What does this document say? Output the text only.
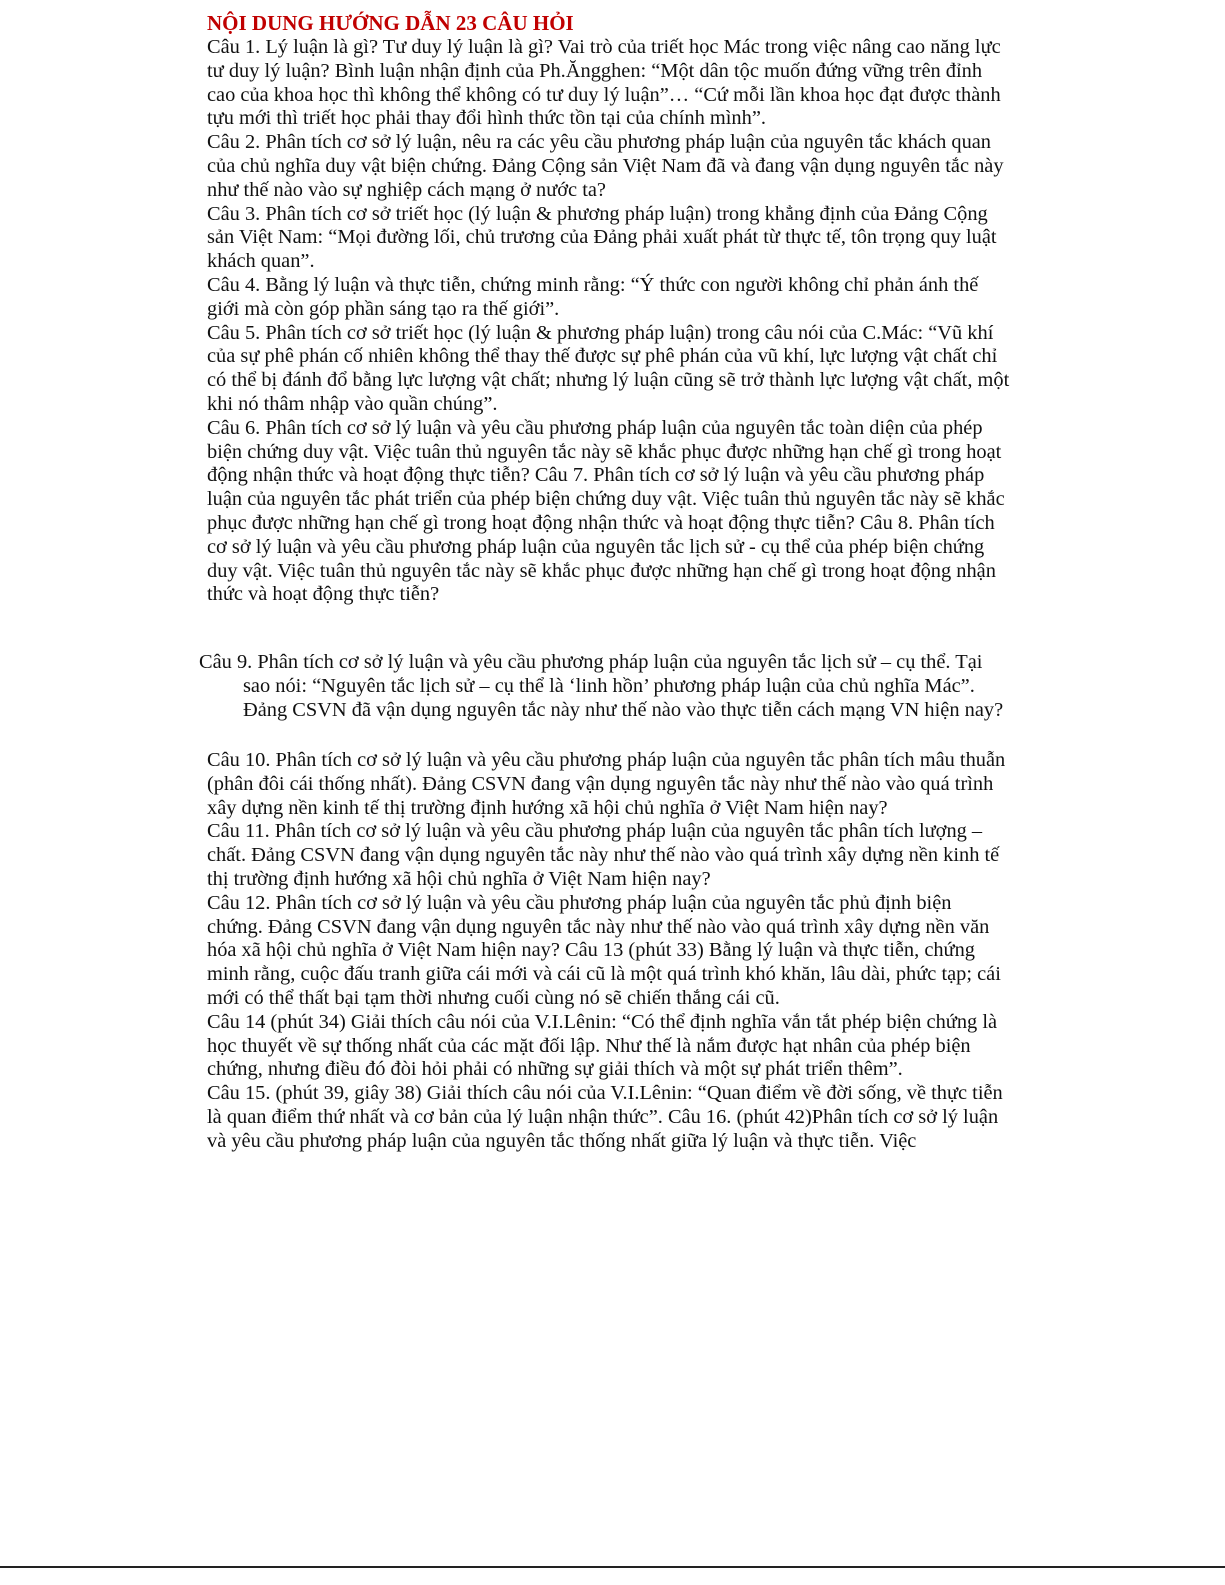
NỘI DUNG HƯỚNG DẪN 23 CÂU HỎI

Câu 1. Lý luận là gì? Tư duy lý luận là gì? Vai trò của triết học Mác trong việc nâng cao năng lực tư duy lý luận? Bình luận nhận định của Ph.Ăngghen: “Một dân tộc muốn đứng vững trên đỉnh cao của khoa học thì không thể không có tư duy lý luận”… “Cứ mỗi lần khoa học đạt được thành tựu mới thì triết học phải thay đổi hình thức tồn tại của chính mình”.

Câu 2. Phân tích cơ sở lý luận, nêu ra các yêu cầu phương pháp luận của nguyên tắc khách quan của chủ nghĩa duy vật biện chứng. Đảng Cộng sản Việt Nam đã và đang vận dụng nguyên tắc này như thế nào vào sự nghiệp cách mạng ở nước ta?

Câu 3. Phân tích cơ sở triết học (lý luận & phương pháp luận) trong khẳng định của Đảng Cộng sản Việt Nam: “Mọi đường lối, chủ trương của Đảng phải xuất phát từ thực tế, tôn trọng quy luật khách quan”.

Câu 4. Bằng lý luận và thực tiễn, chứng minh rằng: “Ý thức con người không chỉ phản ánh thế giới mà còn góp phần sáng tạo ra thế giới”.

Câu 5. Phân tích cơ sở triết học (lý luận & phương pháp luận) trong câu nói của C.Mác: “Vũ khí của sự phê phán cố nhiên không thể thay thế được sự phê phán của vũ khí, lực lượng vật chất chỉ có thể bị đánh đổ bằng lực lượng vật chất; nhưng lý luận cũng sẽ trở thành lực lượng vật chất, một khi nó thâm nhập vào quần chúng”.

Câu 6. Phân tích cơ sở lý luận và yêu cầu phương pháp luận của nguyên tắc toàn diện của phép biện chứng duy vật. Việc tuân thủ nguyên tắc này sẽ khắc phục được những hạn chế gì trong hoạt động nhận thức và hoạt động thực tiễn? Câu 7. Phân tích cơ sở lý luận và yêu cầu phương pháp luận của nguyên tắc phát triển của phép biện chứng duy vật. Việc tuân thủ nguyên tắc này sẽ khắc phục được những hạn chế gì trong hoạt động nhận thức và hoạt động thực tiễn? Câu 8. Phân tích cơ sở lý luận và yêu cầu phương pháp luận của nguyên tắc lịch sử - cụ thể của phép biện chứng duy vật. Việc tuân thủ nguyên tắc này sẽ khắc phục được những hạn chế gì trong hoạt động nhận thức và hoạt động thực tiễn?

Câu 9. Phân tích cơ sở lý luận và yêu cầu phương pháp luận của nguyên tắc lịch sử – cụ thể. Tại sao nói: “Nguyên tắc lịch sử – cụ thể là ‘linh hồn’ phương pháp luận của chủ nghĩa Mác”. Đảng CSVN đã vận dụng nguyên tắc này như thế nào vào thực tiễn cách mạng VN hiện nay?

Câu 10. Phân tích cơ sở lý luận và yêu cầu phương pháp luận của nguyên tắc phân tích mâu thuẫn (phân đôi cái thống nhất). Đảng CSVN đang vận dụng nguyên tắc này như thế nào vào quá trình xây dựng nền kinh tế thị trường định hướng xã hội chủ nghĩa ở Việt Nam hiện nay?

Câu 11. Phân tích cơ sở lý luận và yêu cầu phương pháp luận của nguyên tắc phân tích lượng – chất. Đảng CSVN đang vận dụng nguyên tắc này như thế nào vào quá trình xây dựng nền kinh tế thị trường định hướng xã hội chủ nghĩa ở Việt Nam hiện nay?

Câu 12. Phân tích cơ sở lý luận và yêu cầu phương pháp luận của nguyên tắc phủ định biện chứng. Đảng CSVN đang vận dụng nguyên tắc này như thế nào vào quá trình xây dựng nền văn hóa xã hội chủ nghĩa ở Việt Nam hiện nay? Câu 13 (phút 33) Bằng lý luận và thực tiễn, chứng minh rằng, cuộc đấu tranh giữa cái mới và cái cũ là một quá trình khó khăn, lâu dài, phức tạp; cái mới có thể thất bại tạm thời nhưng cuối cùng nó sẽ chiến thắng cái cũ.

Câu 14 (phút 34) Giải thích câu nói của V.I.Lênin: “Có thể định nghĩa vắn tắt phép biện chứng là học thuyết về sự thống nhất của các mặt đối lập. Như thế là nắm được hạt nhân của phép biện chứng, nhưng điều đó đòi hỏi phải có những sự giải thích và một sự phát triển thêm”.

Câu 15. (phút 39, giây 38) Giải thích câu nói của V.I.Lênin: “Quan điểm về đời sống, về thực tiễn là quan điểm thứ nhất và cơ bản của lý luận nhận thức”. Câu 16. (phút 42)Phân tích cơ sở lý luận và yêu cầu phương pháp luận của nguyên tắc thống nhất giữa lý luận và thực tiễn. Việc
